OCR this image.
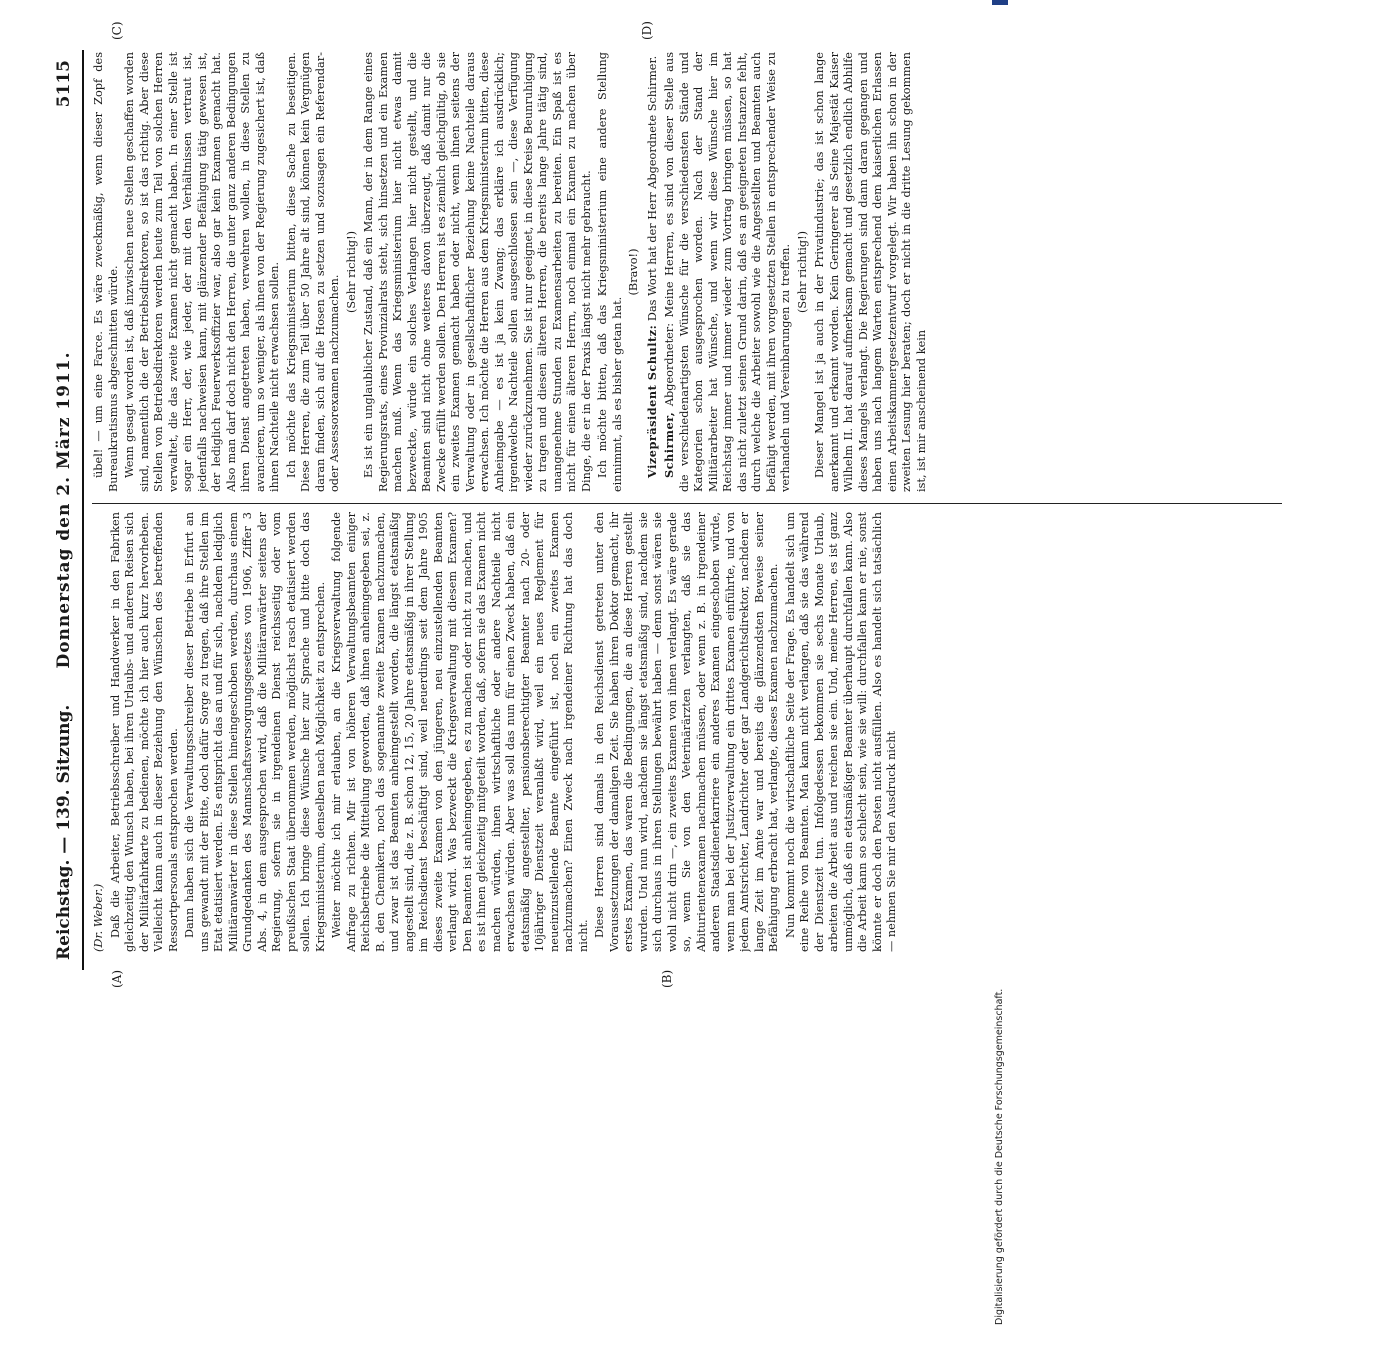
Reichstag. — 139. Sitzung.
Donnerstag den 2. März 1911.
5115
(A)	(B)
(C)	(D)

(Dr. Weber.) Daß die Arbeiter, Betriebsschreiber und Handwerker in den Fabriken gleichzeitig den Wunsch haben, bei ihren Urlaubs- und anderen Reisen sich der Militärfahrkarte zu bedienen, möchte ich hier auch kurz hervorheben. Vielleicht kann auch in dieser Beziehung den Wünschen des betreffenden Ressortpersonals entsprochen werden. Dann haben sich die Verwaltungsschreiber dieser Betriebe in Erfurt an uns gewandt mit der Bitte, doch dafür Sorge zu tragen, daß ihre Stellen im Etat etatisiert werden. Es entspricht das an und für sich, nachdem lediglich Militäranwärter in diese Stellen hineingeschoben werden, durchaus einem Grundgedanken des Mannschaftsversorgungsgesetzes von 1906, Ziffer 3 Abs. 4, in dem ausgesprochen wird, daß die Militäranwärter seitens der Regierung, sofern sie in irgendeinen Dienst reichsseitig oder vom preußischen Staat übernommen werden, möglichst rasch etatisiert werden sollen. Ich bringe diese Wünsche hier zur Sprache und bitte doch das Kriegsministerium, denselben nach Möglichkeit zu entsprechen. Weiter möchte ich mir erlauben, an die Kriegsverwaltung folgende Anfrage zu richten. Mir ist von höheren Verwaltungsbeamten einiger Reichsbetriebe die Mitteilung geworden, daß ihnen anheimgegeben sei, z. B. den Chemikern, noch das sogenannte zweite Examen nachzumachen, und zwar ist das Beamten anheimgestellt worden, die längst etatsmäßig angestellt sind, die z. B. schon 12, 15, 20 Jahre etatsmäßig in ihrer Stellung im Reichsdienst beschäftigt sind, weil neuerdings seit dem Jahre 1905 dieses zweite Examen von den jüngeren, neu einzustellenden Beamten verlangt wird. Was bezweckt die Kriegsverwaltung mit diesem Examen? Den Beamten ist anheimgegeben, es zu machen oder nicht zu machen, und es ist ihnen gleichzeitig mitgeteilt worden, daß, sofern sie das Examen nicht machen würden, ihnen wirtschaftliche oder andere Nachteile nicht erwachsen würden. Aber was soll das nun für einen Zweck haben, daß ein etatsmäßig angestellter, pensionsberechtigter Beamter nach 20- oder 10jähriger Dienstzeit veranlaßt wird, weil ein neues Reglement für neueinzustellende Beamte eingeführt ist, noch ein zweites Examen nachzumachen? Einen Zweck nach irgendeiner Richtung hat das doch nicht. Diese Herren sind damals in den Reichsdienst getreten unter den Voraussetzungen der damaligen Zeit. Sie haben ihren Doktor gemacht, ihr erstes Examen, das waren die Bedingungen, die an diese Herren gestellt wurden. Und nun wird, nachdem sie längst etatsmäßig sind, nachdem sie sich durchaus in ihren Stellungen bewährt haben — denn sonst wären sie wohl nicht drin —, ein zweites Examen von ihnen verlangt. Es wäre gerade so, wenn Sie von den Veterinärärzten verlangten, daß sie das Abiturientenexamen nachmachen müssen, oder wenn z. B. in irgendeiner anderen Staatsdienerkarriere ein anderes Examen eingeschoben würde, wenn man bei der Justizverwaltung ein drittes Examen einführte, und von jedem Amtsrichter, Landrichter oder gar Landgerichtsdirektor, nachdem er lange Zeit im Amte war und bereits die glänzendsten Beweise seiner Befähigung erbracht hat, verlangte, dieses Examen nachzumachen. Nun kommt noch die wirtschaftliche Seite der Frage. Es handelt sich um eine Reihe von Beamten. Man kann nicht verlangen, daß sie das während der Dienstzeit tun. Infolgedessen bekommen sie sechs Monate Urlaub, arbeiten die Arbeit aus und reichen sie ein. Und, meine Herren, es ist ganz unmöglich, daß ein etatsmäßiger Beamter überhaupt durchfallen kann. Also die Arbeit kann so schlecht sein, wie sie will: durchfallen kann er nie, sonst könnte er doch den Posten nicht ausfüllen. Also es handelt sich tatsächlich — nehmen Sie mir den Ausdruck nicht

übel! — um eine Farce. Es wäre zweckmäßig, wenn dieser Zopf des Bureaukratismus abgeschnitten würde. Wenn gesagt worden ist, daß inzwischen neue Stellen geschaffen worden sind, namentlich die der Betriebsdirektoren, so ist das richtig. Aber diese Stellen von Betriebsdirektoren werden heute zum Teil von solchen Herren verwaltet, die das zweite Examen nicht gemacht haben. In einer Stelle ist sogar ein Herr, der, wie jeder, der mit den Verhältnissen vertraut ist, jedenfalls nachweisen kann, mit glänzender Befähigung tätig gewesen ist, der lediglich Feuerwerksoffizier war, also gar kein Examen gemacht hat. Also man darf doch nicht den Herren, die unter ganz anderen Bedingungen ihren Dienst angetreten haben, verwehren wollen, in diese Stellen zu avancieren, um so weniger, als ihnen von der Regierung zugesichert ist, daß ihnen Nachteile nicht erwachsen sollen. Ich möchte das Kriegsministerium bitten, diese Sache zu beseitigen. Diese Herren, die zum Teil über 50 Jahre alt sind, können kein Vergnügen daran finden, sich auf die Hosen zu setzen und sozusagen ein Referendar- oder Assessorexamen nachzumachen.

(Sehr richtig!) Es ist ein unglaublicher Zustand, daß ein Mann, der in dem Range eines Regierungsrats, eines Provinzialrats steht, sich hinsetzen und ein Examen machen muß. Wenn das Kriegsministerium hier nicht etwas damit bezweckte, würde ein solches Verlangen hier nicht gestellt, und die Beamten sind nicht ohne weiteres davon überzeugt, daß damit nur die Zwecke erfüllt werden sollen. Den Herren ist es ziemlich gleichgültig, ob sie ein zweites Examen gemacht haben oder nicht, wenn ihnen seitens der Verwaltung oder in gesellschaftlicher Beziehung keine Nachteile daraus erwachsen. Ich möchte die Herren aus dem Kriegsministerium bitten, diese Anheimgabe — es ist ja kein Zwang; das erkläre ich ausdrücklich; irgendwelche Nachteile sollen ausgeschlossen sein —, diese Verfügung wieder zurückzunehmen. Sie ist nur geeignet, in diese Kreise Beunruhigung zu tragen und diesen älteren Herren, die bereits lange Jahre tätig sind, unangenehme Stunden zu Examensarbeiten zu bereiten. Ein Spaß ist es nicht für einen älteren Herrn, noch einmal ein Examen zu machen über Dinge, die er in der Praxis längst nicht mehr gebraucht. Ich möchte bitten, daß das Kriegsministerium eine andere Stellung einnimmt, als es bisher getan hat.

(Bravo!)

Vizepräsident Schultz: Das Wort hat der Herr Abgeordnete Schirmer.

Schirmer, Abgeordneter: Meine Herren, es sind von dieser Stelle aus die verschiedenartigsten Wünsche für die verschiedensten Stände und Kategorien schon ausgesprochen worden. Nach der Stand der Militärarbeiter hat Wünsche, und wenn wir diese Wünsche hier im Reichstag immer und immer wieder zum Vortrag bringen müssen, so hat das nicht zuletzt seinen Grund darin, daß es an geeigneten Instanzen fehlt, durch welche die Arbeiter sowohl wie die Angestellten und Beamten auch befähigt werden, mit ihren vorgesetzten Stellen in entsprechender Weise zu verhandeln und Vereinbarungen zu treffen. (Sehr richtig!) Dieser Mangel ist ja auch in der Privatindustrie; das ist schon lange anerkannt und erkannt worden. Kein Geringerer als Seine Majestät Kaiser Wilhelm II. hat darauf aufmerksam gemacht und gesetzlich endlich Abhilfe dieses Mangels verlangt. Die Regierungen sind dann daran gegangen und haben uns nach langem Warten entsprechend dem kaiserlichen Erlassen einen Arbeitskammergesetzentwurf vorgelegt. Wir haben ihn schon in der zweiten Lesung hier beraten; doch er nicht in die dritte Lesung gekommen ist, ist mir anscheinend kein

Digitalisierung gefördert durch die Deutsche Forschungsgemeinschaft.
